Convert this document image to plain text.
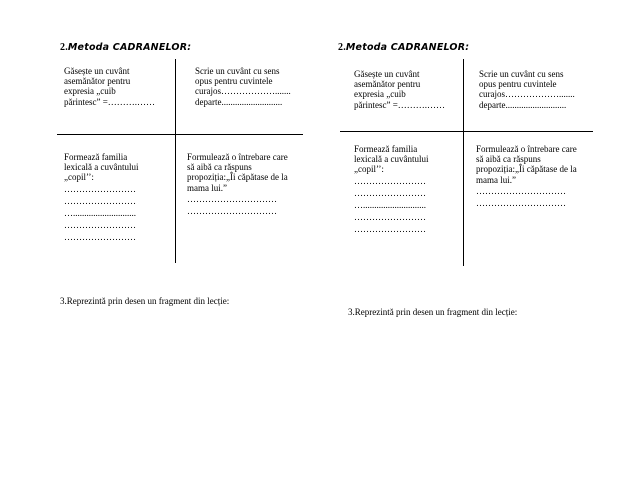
2.Metoda CADRANELOR:
Găsește un cuvânt
asemănător pentru
expresia „cuib
părintesc” =……….……
Scrie un cuvânt cu sens
opus pentru cuvintele
curajos……………….......
departe...........................
Formează familia
lexicală a cuvântului
„copil’’:
……………………
……………………
…............................
……………………
……………………
Formulează o întrebare care
să aibă ca răspuns
propoziția:„Îi căpătase de la
mama lui.”
…………………………
…………………………
3.Reprezintă prin desen un fragment din lecție:
2.Metoda CADRANELOR:
Găsește un cuvânt
asemănător pentru
expresia „cuib
părintesc” =……….……
Scrie un cuvânt cu sens
opus pentru cuvintele
curajos……………….......
departe...........................
Formează familia
lexicală a cuvântului
„copil’’:
……………………
……………………
…............................
……………………
……………………
Formulează o întrebare care
să aibă ca răspuns
propoziția:„Îi căpătase de la
mama lui.”
…………………………
…………………………
3.Reprezintă prin desen un fragment din lecție:
